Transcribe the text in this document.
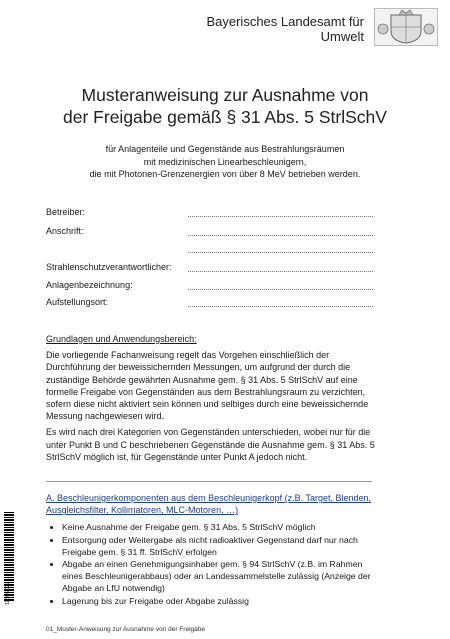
Bayerisches Landesamt für
Umwelt
Musteranweisung zur Ausnahme von
der Freigabe gemäß § 31 Abs. 5 StrlSchV
für Anlagenteile und Gegenstände aus Bestrahlungsräumen
mit medizinischen Linearbeschleunigern,
die mit Photonen-Grenzenergien von über 8 MeV betrieben werden.
Betreiber:
Anschrift:
Strahlenschutzverantwortlicher:
Anlagenbezeichnung:
Aufstellungsort:
Grundlagen und Anwendungsbereich:
Die vorliegende Fachanweisung regelt das Vorgehen einschließlich der Durchführung der beweissichernden Messungen, um aufgrund der durch die zuständige Behörde gewährten Ausnahme gem. § 31 Abs. 5 StrlSchV auf eine formelle Freigabe von Gegenständen aus dem Bestrahlungsraum zu verzichten, sofern diese nicht aktiviert sein können und selbiges durch eine beweissichernde Messung nachgewiesen wird.
Es wird nach drei Kategorien von Gegenständen unterschieden, wobei nur für die unter Punkt B und C beschriebenen Gegenstände die Ausnahme gem. § 31 Abs. 5 StrlSchV möglich ist, für Gegenstände unter Punkt A jedoch nicht.
A. Beschleunigerkomponenten aus dem Beschleunigerkopf (z.B. Target, Blenden, Ausgleichsfilter, Kollimatoren, MLC-Motoren, …)
• Keine Ausnahme der Freigabe gem. § 31 Abs. 5 StrlSchV möglich
• Entsorgung oder Weitergabe als nicht radioaktiver Gegenstand darf nur nach Freigabe gem. § 31 ff. StrlSchV erfolgen
• Abgabe an einen Genehmigungsinhaber gem. § 94 StrlSchV (z.B. im Rahmen eines Beschleunigerabbaus) oder an Landessammelstelle zulässig (Anzeige der Abgabe an LfU notwendig)
• Lagerung bis zur Freigabe oder Abgabe zulässig
1166/2022
01_Muster-Anweisung zur Ausnahme von der Freigabe
